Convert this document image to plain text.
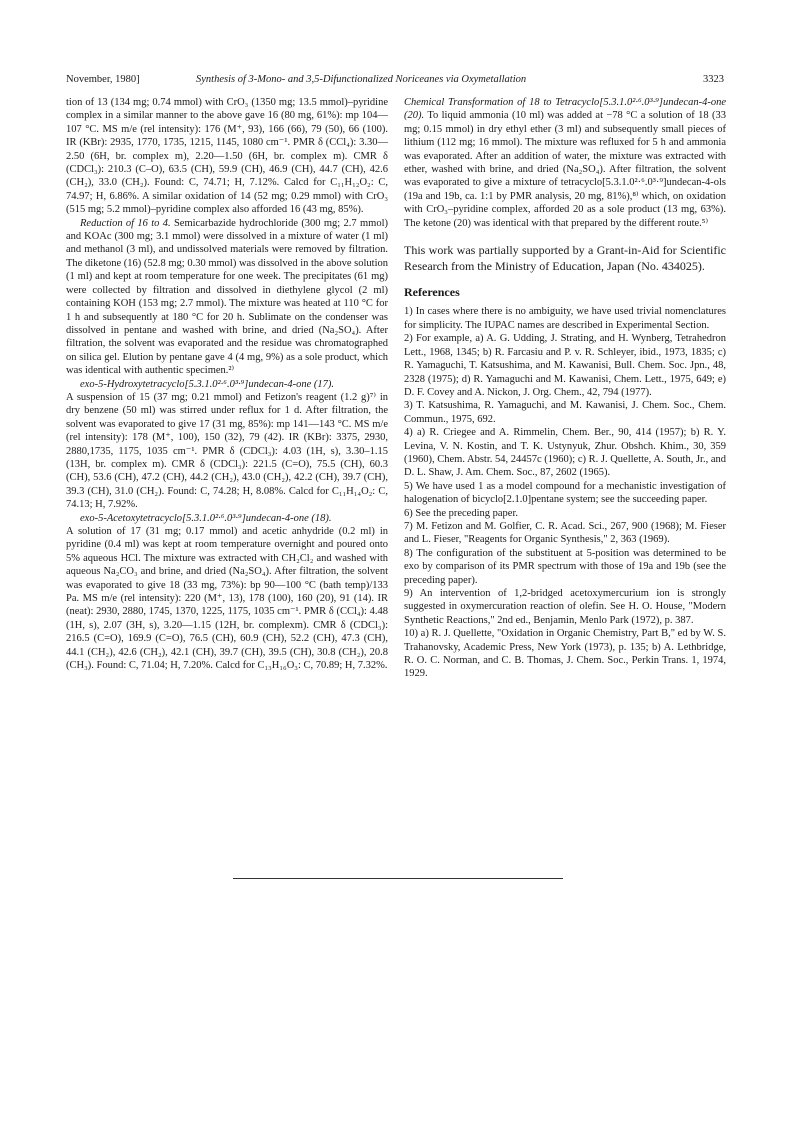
November, 1980]	Synthesis of 3-Mono- and 3,5-Difunctionalized Noriceanes via Oxymetallation	3323

tion of 13 (134 mg; 0.74 mmol) with CrO₃ (1350 mg; 13.5 mmol)–pyridine complex in a similar manner to the above gave 16 (80 mg, 61%): mp 104—107 °C. MS m/e (rel intensity): 176 (M⁺, 93), 166 (66), 79 (50), 66 (100). IR (KBr): 2935, 1770, 1735, 1215, 1145, 1080 cm⁻¹. PMR δ (CCl₄): 3.30—2.50 (6H, br. complex m), 2.20—1.50 (6H, br. complex m). CMR δ (CDCl₃): 210.3 (C–O), 63.5 (CH), 59.9 (CH), 46.9 (CH), 44.7 (CH), 42.6 (CH₂), 33.0 (CH₂). Found: C, 74.71; H, 7.12%. Calcd for C₁₁H₁₂O₂: C, 74.97; H, 6.86%. A similar oxidation of 14 (52 mg; 0.29 mmol) with CrO₃ (515 mg; 5.2 mmol)–pyridine complex also afforded 16 (43 mg, 85%).

Reduction of 16 to 4. Semicarbazide hydrochloride (300 mg; 2.7 mmol) and KOAc (300 mg; 3.1 mmol) were dissolved in a mixture of water (1 ml) and methanol (3 ml), and undissolved materials were removed by filtration. The diketone (16) (52.8 mg; 0.30 mmol) was dissolved in the above solution (1 ml) and kept at room temperature for one week. The precipitates (61 mg) were collected by filtration and dissolved in diethylene glycol (2 ml) containing KOH (153 mg; 2.7 mmol). The mixture was heated at 110 °C for 1 h and subsequently at 180 °C for 20 h. Sublimate on the condenser was dissolved in pentane and washed with brine, and dried (Na₂SO₄). After filtration, the solvent was evaporated and the residue was chromatographed on silica gel. Elution by pentane gave 4 (4 mg, 9%) as a sole product, which was identical with authentic specimen.²⁾

exo-5-Hydroxytetracyclo[5.3.1.0²·⁶.0³·⁹]undecan-4-one (17).

A suspension of 15 (37 mg; 0.21 mmol) and Fetizon's reagent (1.2 g)⁷⁾ in dry benzene (50 ml) was stirred under reflux for 1 d. After filtration, the solvent was evaporated to give 17 (31 mg, 85%): mp 141—143 °C. MS m/e (rel intensity): 178 (M⁺, 100), 150 (32), 79 (42). IR (KBr): 3375, 2930, 2880,1735, 1175, 1035 cm⁻¹. PMR δ (CDCl₃): 4.03 (1H, s), 3.30–1.15 (13H, br. complex m). CMR δ (CDCl₃): 221.5 (C=O), 75.5 (CH), 60.3 (CH), 53.6 (CH), 47.2 (CH), 44.2 (CH₂), 43.0 (CH₂), 42.2 (CH), 39.7 (CH), 39.3 (CH), 31.0 (CH₂). Found: C, 74.28; H, 8.08%. Calcd for C₁₁H₁₄O₂: C, 74.13; H, 7.92%.

exo-5-Acetoxytetracyclo[5.3.1.0²·⁶.0³·⁹]undecan-4-one (18).

A solution of 17 (31 mg; 0.17 mmol) and acetic anhydride (0.2 ml) in pyridine (0.4 ml) was kept at room temperature overnight and poured onto 5% aqueous HCl. The mixture was extracted with CH₂Cl₂ and washed with aqueous Na₂CO₃ and brine, and dried (Na₂SO₄). After filtration, the solvent was evaporated to give 18 (33 mg, 73%): bp 90—100 °C (bath temp)/133 Pa. MS m/e (rel intensity): 220 (M⁺, 13), 178 (100), 160 (20), 91 (14). IR (neat): 2930, 2880, 1745, 1370, 1225, 1175, 1035 cm⁻¹. PMR δ (CCl₄): 4.48 (1H, s), 2.07 (3H, s), 3.20—1.15 (12H, br. complexm). CMR δ (CDCl₃): 216.5 (C=O), 169.9 (C=O), 76.5 (CH), 60.9 (CH), 52.2 (CH), 47.3 (CH), 44.1 (CH₂), 42.6 (CH₂), 42.1 (CH), 39.7 (CH), 39.5 (CH), 30.8 (CH₂), 20.8 (CH₃). Found: C, 71.04; H, 7.20%. Calcd for C₁₃H₁₆O₃: C, 70.89; H, 7.32%.

Chemical Transformation of 18 to Tetracyclo[5.3.1.0²·⁶.0³·⁹]undecan-4-one (20). To liquid ammonia (10 ml) was added at −78 °C a solution of 18 (33 mg; 0.15 mmol) in dry ethyl ether (3 ml) and subsequently small pieces of lithium (112 mg; 16 mmol). The mixture was refluxed for 5 h and ammonia was evaporated. After an addition of water, the mixture was extracted with ether, washed with brine, and dried (Na₂SO₄). After filtration, the solvent was evaporated to give a mixture of tetracyclo[5.3.1.0²·⁶.0³·⁹]undecan-4-ols (19a and 19b, ca. 1:1 by PMR analysis, 20 mg, 81%),⁸⁾ which, on oxidation with CrO₃–pyridine complex, afforded 20 as a sole product (13 mg, 63%). The ketone (20) was identical with that prepared by the different route.⁵⁾

This work was partially supported by a Grant-in-Aid for Scientific Research from the Ministry of Education, Japan (No. 434025).

References

1) In cases where there is no ambiguity, we have used trivial nomenclatures for simplicity. The IUPAC names are described in Experimental Section.

2) For example, a) A. G. Udding, J. Strating, and H. Wynberg, Tetrahedron Lett., 1968, 1345; b) R. Farcasiu and P. v. R. Schleyer, ibid., 1973, 1835; c) R. Yamaguchi, T. Katsushima, and M. Kawanisi, Bull. Chem. Soc. Jpn., 48, 2328 (1975); d) R. Yamaguchi and M. Kawanisi, Chem. Lett., 1975, 649; e) D. F. Covey and A. Nickon, J. Org. Chem., 42, 794 (1977).

3) T. Katsushima, R. Yamaguchi, and M. Kawanisi, J. Chem. Soc., Chem. Commun., 1975, 692.

4) a) R. Criegee and A. Rimmelin, Chem. Ber., 90, 414 (1957); b) R. Y. Levina, V. N. Kostin, and T. K. Ustynyuk, Zhur. Obshch. Khim., 30, 359 (1960), Chem. Abstr. 54, 24457c (1960); c) R. J. Quellette, A. South, Jr., and D. L. Shaw, J. Am. Chem. Soc., 87, 2602 (1965).

5) We have used 1 as a model compound for a mechanistic investigation of halogenation of bicyclo[2.1.0]pentane system; see the succeeding paper.

6) See the preceding paper.

7) M. Fetizon and M. Golfier, C. R. Acad. Sci., 267, 900 (1968); M. Fieser and L. Fieser, "Reagents for Organic Synthesis," 2, 363 (1969).

8) The configuration of the substituent at 5-position was determined to be exo by comparison of its PMR spectrum with those of 19a and 19b (see the preceding paper).

9) An intervention of 1,2-bridged acetoxymercurium ion is strongly suggested in oxymercuration reaction of olefin. See H. O. House, "Modern Synthetic Reactions," 2nd ed., Benjamin, Menlo Park (1972), p. 387.

10) a) R. J. Quellette, "Oxidation in Organic Chemistry, Part B," ed by W. S. Trahanovsky, Academic Press, New York (1973), p. 135; b) A. Lethbridge, R. O. C. Norman, and C. B. Thomas, J. Chem. Soc., Perkin Trans. 1, 1974, 1929.
